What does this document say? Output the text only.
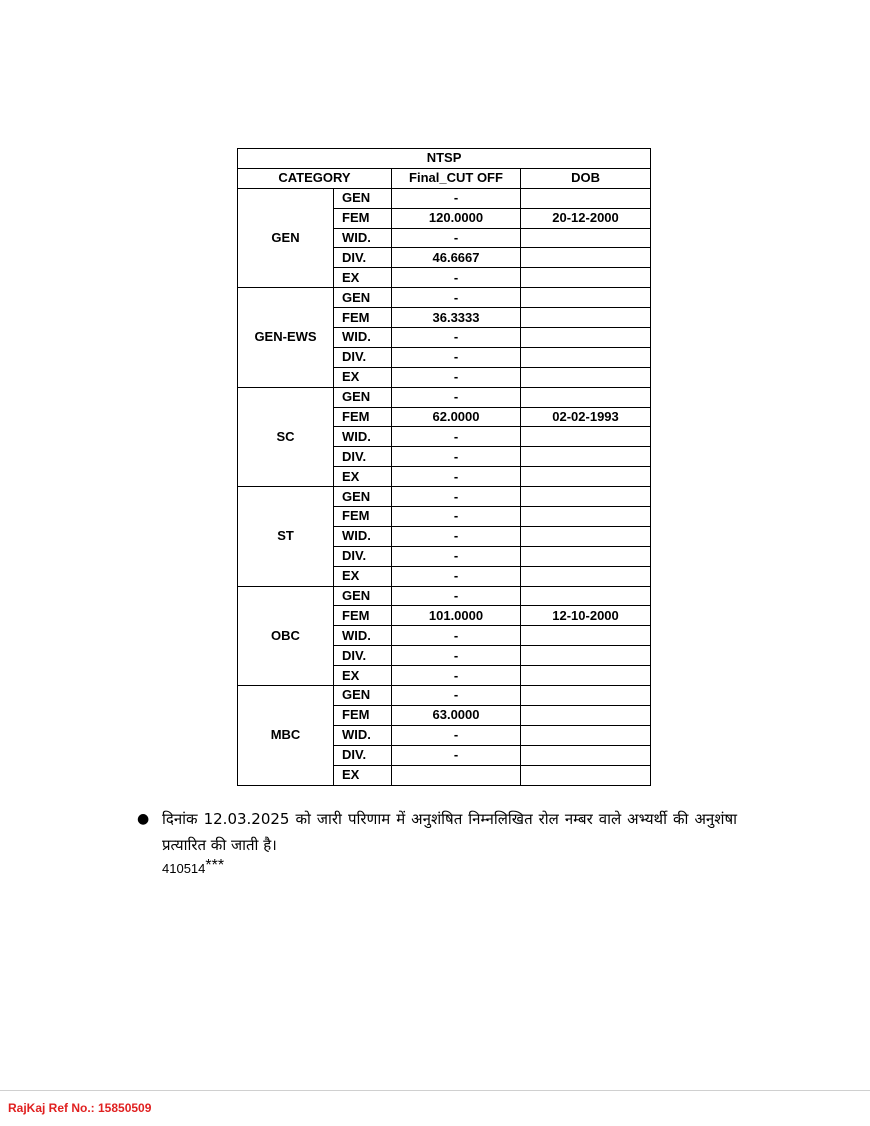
NTSP			
CATEGORY		Final_CUT OFF	DOB
GEN	GEN	-	
	FEM	120.0000	20-12-2000
	WID.	-	
	DIV.	46.6667	
	EX	-	
GEN-EWS	GEN	-	
	FEM	36.3333	
	WID.	-	
	DIV.	-	
	EX	-	
SC	GEN	-	
	FEM	62.0000	02-02-1993
	WID.	-	
	DIV.	-	
	EX	-	
ST	GEN	-	
	FEM	-	
	WID.	-	
	DIV.	-	
	EX	-	
OBC	GEN	-	
	FEM	101.0000	12-10-2000
	WID.	-	
	DIV.	-	
	EX	-	
MBC	GEN	-	
	FEM	63.0000	
	WID.	-	
	DIV.	-	
	EX		
● दिनांक 12.03.2025 को जारी परिणाम में अनुशंषित निम्नलिखित रोल नम्बर वाले अभ्यर्थी की अनुशंषा प्रत्यारित की जाती है।
410514***
RajKaj Ref No.: 15850509
